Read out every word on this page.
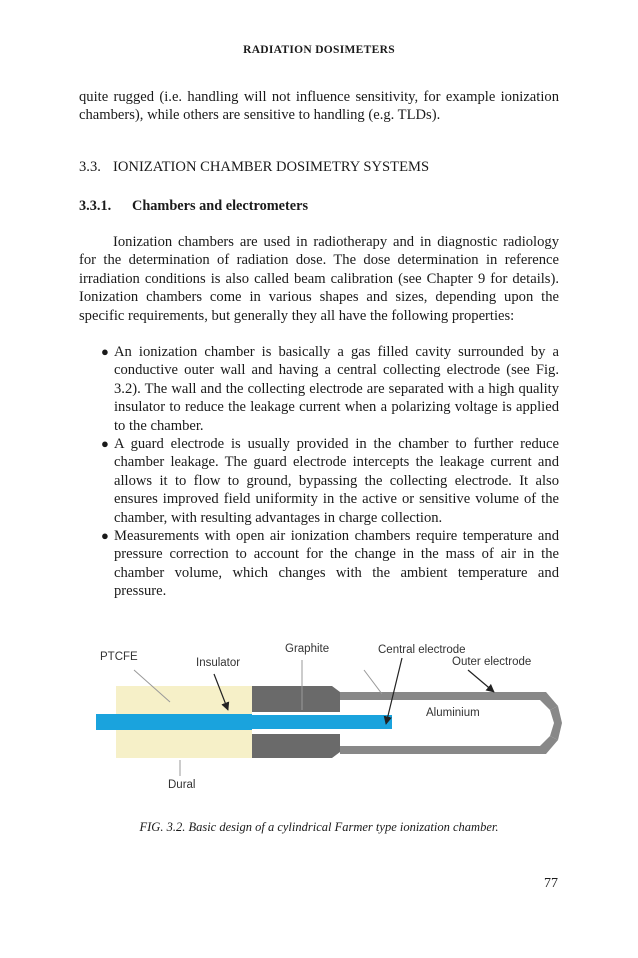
RADIATION DOSIMETERS

quite rugged (i.e. handling will not influence sensitivity, for example ionization chambers), while others are sensitive to handling (e.g. TLDs).

3.3. IONIZATION CHAMBER DOSIMETRY SYSTEMS
3.3.1. Chambers and electrometers

Ionization chambers are used in radiotherapy and in diagnostic radiology for the determination of radiation dose. The dose determination in reference irradiation conditions is also called beam calibration (see Chapter 9 for details). Ionization chambers come in various shapes and sizes, depending upon the specific requirements, but generally they all have the following properties:

● An ionization chamber is basically a gas filled cavity surrounded by a conductive outer wall and having a central collecting electrode (see Fig. 3.2). The wall and the collecting electrode are separated with a high quality insulator to reduce the leakage current when a polarizing voltage is applied to the chamber.
● A guard electrode is usually provided in the chamber to further reduce chamber leakage. The guard electrode intercepts the leakage current and allows it to flow to ground, bypassing the collecting electrode. It also ensures improved field uniformity in the active or sensitive volume of the chamber, with resulting advantages in charge collection.
● Measurements with open air ionization chambers require temperature and pressure correction to account for the change in the mass of air in the chamber volume, which changes with the ambient temperature and pressure.
PTCFE	Insulator
Graphite	Central electrode
Outer electrode
Aluminium
Dural
FIG. 3.2. Basic design of a cylindrical Farmer type ionization chamber.
77
